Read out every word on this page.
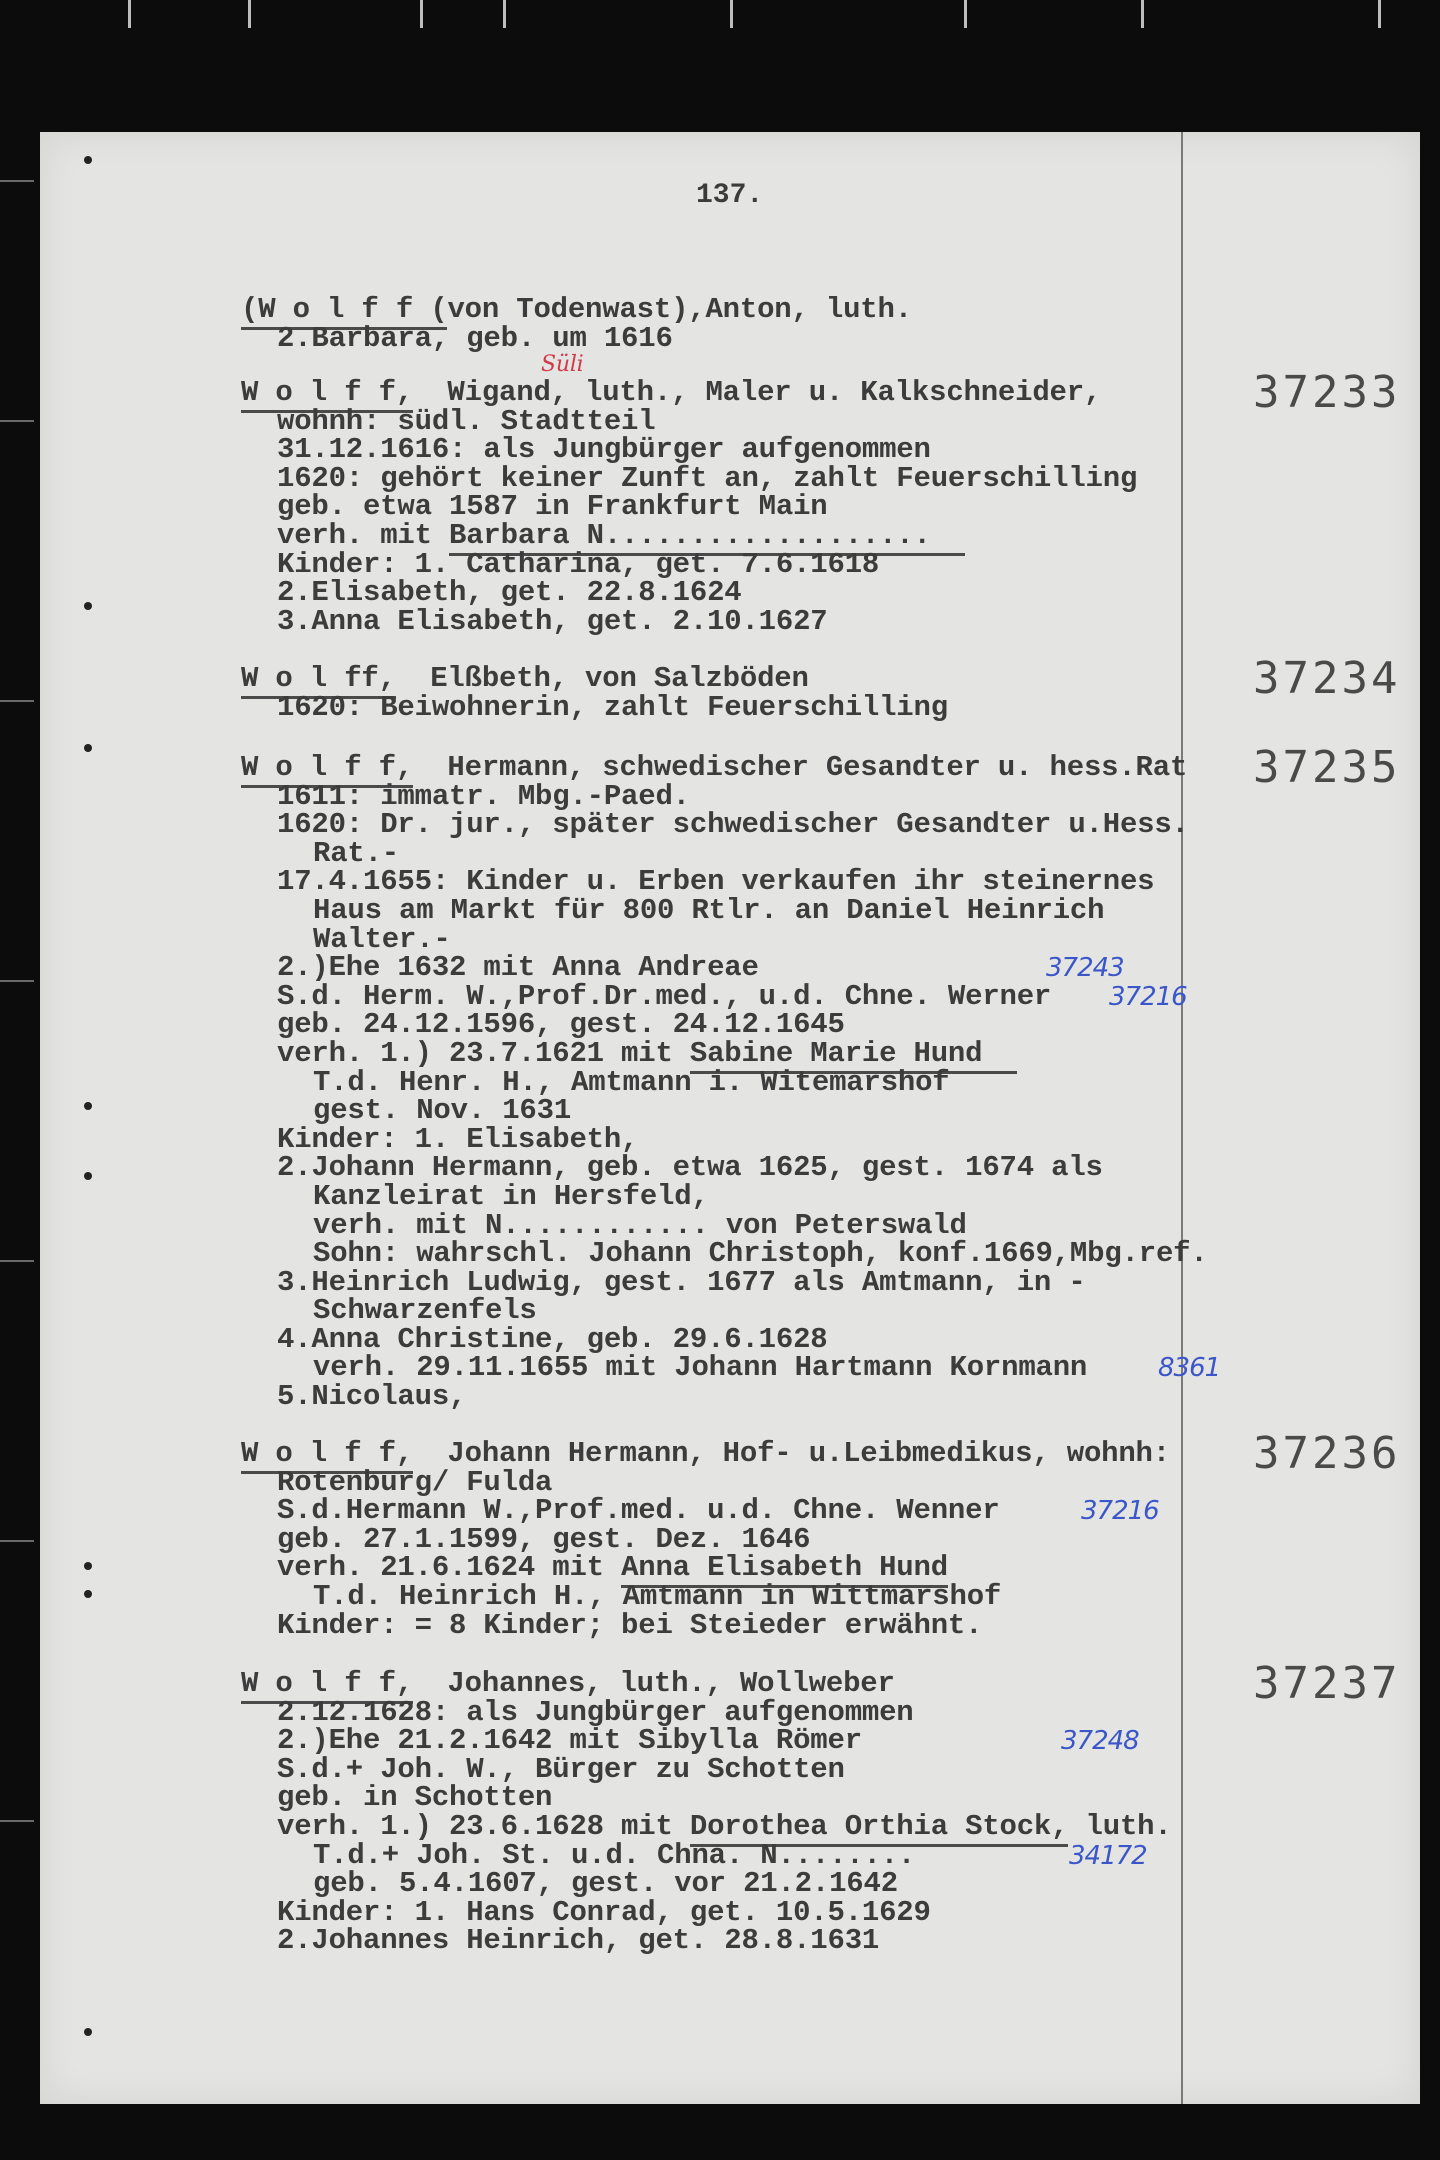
137.
(W o l f f (von Todenwast),Anton, luth.
2.Barbara, geb. um 1616
Süli
37233
W o l f f,  Wigand, luth., Maler u. Kalkschneider,
wohnh: südl. Stadtteil
31.12.1616: als Jungbürger aufgenommen
1620: gehört keiner Zunft an, zahlt Feuerschilling
geb. etwa 1587 in Frankfurt Main
verh. mit Barbara N...................
Kinder: 1. Catharina, get. 7.6.1618
2.Elisabeth, get. 22.8.1624
3.Anna Elisabeth, get. 2.10.1627
37234
W o l ff,  Elßbeth, von Salzböden
1620: Beiwohnerin, zahlt Feuerschilling
37235
W o l f f,  Hermann, schwedischer Gesandter u. hess.Rat
1611: immatr. Mbg.-Paed.
1620: Dr. jur., später schwedischer Gesandter u.Hess.
Rat.-
17.4.1655: Kinder u. Erben verkaufen ihr steinernes
Haus am Markt für 800 Rtlr. an Daniel Heinrich
Walter.-
2.)Ehe 1632 mit Anna Andreae	37243
S.d. Herm. W.,Prof.Dr.med., u.d. Chne. Werner 37216
geb. 24.12.1596, gest. 24.12.1645
verh. 1.) 23.7.1621 mit Sabine Marie Hund
T.d. Henr. H., Amtmann i. Witemarshof
gest. Nov. 1631
Kinder: 1. Elisabeth,
2.Johann Hermann, geb. etwa 1625, gest. 1674 als
Kanzleirat in Hersfeld,
verh. mit N............ von Peterswald
Sohn: wahrschl. Johann Christoph, konf.1669,Mbg.ref.
3.Heinrich Ludwig, gest. 1677 als Amtmann, in -
Schwarzenfels
4.Anna Christine, geb. 29.6.1628
verh. 29.11.1655 mit Johann Hartmann Kornmann	8361
5.Nicolaus,
37236
W o l f f,  Johann Hermann, Hof- u.Leibmedikus, wohnh:
Rotenburg/ Fulda
S.d.Hermann W.,Prof.med. u.d. Chne. Wenner	37216
geb. 27.1.1599, gest. Dez. 1646
verh. 21.6.1624 mit Anna Elisabeth Hund
T.d. Heinrich H., Amtmann in Wittmarshof
Kinder: = 8 Kinder; bei Steieder erwähnt.
37237
W o l f f,  Johannes, luth., Wollweber
2.12.1628: als Jungbürger aufgenommen
2.)Ehe 21.2.1642 mit Sibylla Römer	37248
S.d.+ Joh. W., Bürger zu Schotten
geb. in Schotten
verh. 1.) 23.6.1628 mit Dorothea Orthia Stock, luth.
T.d.+ Joh. St. u.d. Chna. N........	34172
geb. 5.4.1607, gest. vor 21.2.1642
Kinder: 1. Hans Conrad, get. 10.5.1629
2.Johannes Heinrich, get. 28.8.1631
